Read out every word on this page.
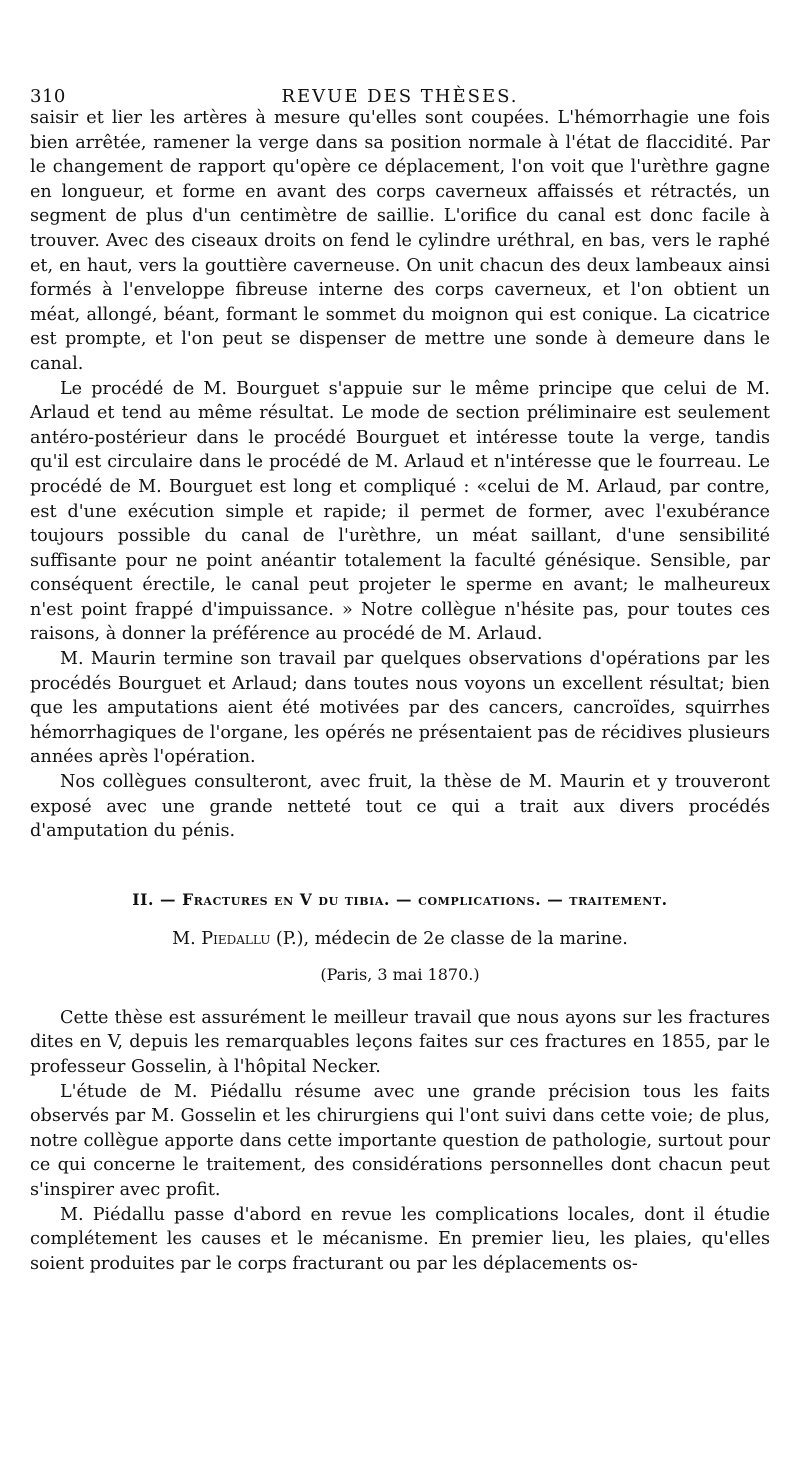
310	REVUE DES THÈSES.

saisir et lier les artères à mesure qu'elles sont coupées. L'hémorrhagie une fois bien arrêtée, ramener la verge dans sa position normale à l'état de flaccidité. Par le changement de rapport qu'opère ce déplacement, l'on voit que l'urèthre gagne en longueur, et forme en avant des corps caverneux affaissés et rétractés, un segment de plus d'un centimètre de saillie. L'orifice du canal est donc facile à trouver. Avec des ciseaux droits on fend le cylindre uréthral, en bas, vers le raphé et, en haut, vers la gouttière caverneuse. On unit chacun des deux lambeaux ainsi formés à l'enveloppe fibreuse interne des corps caverneux, et l'on obtient un méat, allongé, béant, formant le sommet du moignon qui est conique. La cicatrice est prompte, et l'on peut se dispenser de mettre une sonde à demeure dans le canal.

Le procédé de M. Bourguet s'appuie sur le même principe que celui de M. Arlaud et tend au même résultat. Le mode de section préliminaire est seulement antéro-postérieur dans le procédé Bourguet et intéresse toute la verge, tandis qu'il est circulaire dans le procédé de M. Arlaud et n'intéresse que le fourreau. Le procédé de M. Bourguet est long et compliqué : «celui de M. Arlaud, par contre, est d'une exécution simple et rapide; il permet de former, avec l'exubérance toujours possible du canal de l'urèthre, un méat saillant, d'une sensibilité suffisante pour ne point anéantir totalement la faculté génésique. Sensible, par conséquent érectile, le canal peut projeter le sperme en avant; le malheureux n'est point frappé d'impuissance. » Notre collègue n'hésite pas, pour toutes ces raisons, à donner la préférence au procédé de M. Arlaud.

M. Maurin termine son travail par quelques observations d'opérations par les procédés Bourguet et Arlaud; dans toutes nous voyons un excellent résultat; bien que les amputations aient été motivées par des cancers, cancroïdes, squirrhes hémorrhagiques de l'organe, les opérés ne présentaient pas de récidives plusieurs années après l'opération.

Nos collègues consulteront, avec fruit, la thèse de M. Maurin et y trouveront exposé avec une grande netteté tout ce qui a trait aux divers procédés d'amputation du pénis.

II. — Fractures en V du tibia. — complications. — traitement.

M. Piedallu (P.), médecin de 2e classe de la marine.

(Paris, 3 mai 1870.)

Cette thèse est assurément le meilleur travail que nous ayons sur les fractures dites en V, depuis les remarquables leçons faites sur ces fractures en 1855, par le professeur Gosselin, à l'hôpital Necker.

L'étude de M. Piédallu résume avec une grande précision tous les faits observés par M. Gosselin et les chirurgiens qui l'ont suivi dans cette voie; de plus, notre collègue apporte dans cette importante question de pathologie, surtout pour ce qui concerne le traitement, des considérations personnelles dont chacun peut s'inspirer avec profit.

M. Piédallu passe d'abord en revue les complications locales, dont il étudie complétement les causes et le mécanisme. En premier lieu, les plaies, qu'elles soient produites par le corps fracturant ou par les déplacements os-
